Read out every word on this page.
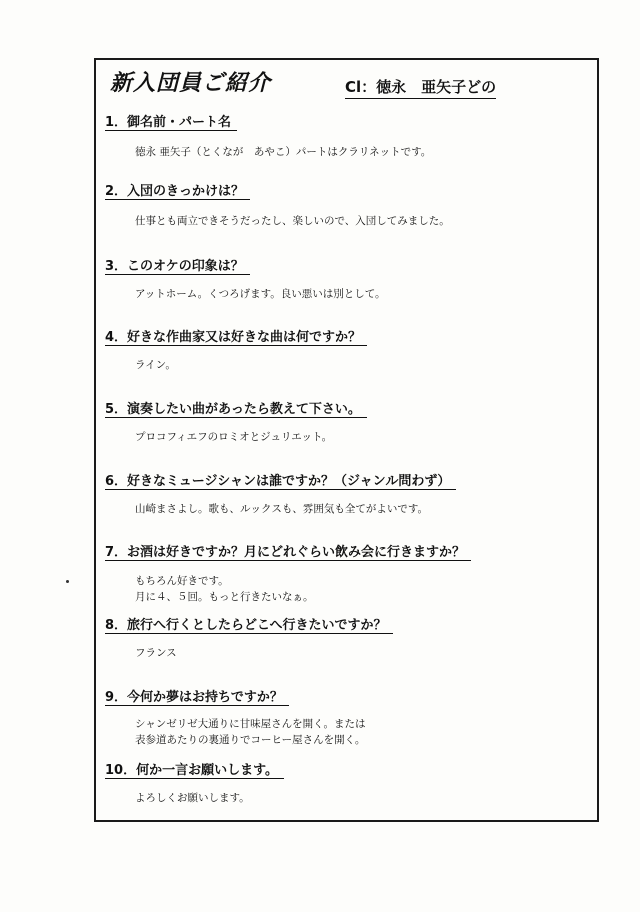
新入団員ご紹介	Cl：徳永　亜矢子どの
1．御名前・パート名
徳永 亜矢子（とくなが　あやこ）パートはクラリネットです。
2．入団のきっかけは？
仕事とも両立できそうだったし、楽しいので、入団してみました。
3．このオケの印象は？
アットホーム。くつろげます。良い悪いは別として。
4．好きな作曲家又は好きな曲は何ですか？
ライン。
5．演奏したい曲があったら教えて下さい。
プロコフィエフのロミオとジュリエット。
6．好きなミュージシャンは誰ですか？（ジャンル問わず）
山崎まさよし。歌も、ルックスも、雰囲気も全てがよいです。
7．お酒は好きですか？月にどれぐらい飲み会に行きますか？
もちろん好きです。
月に４、５回。もっと行きたいなぁ。
8．旅行へ行くとしたらどこへ行きたいですか？
フランス
9．今何か夢はお持ちですか？
シャンゼリゼ大通りに甘味屋さんを開く。または
表参道あたりの裏通りでコーヒー屋さんを開く。
10．何か一言お願いします。
よろしくお願いします。
